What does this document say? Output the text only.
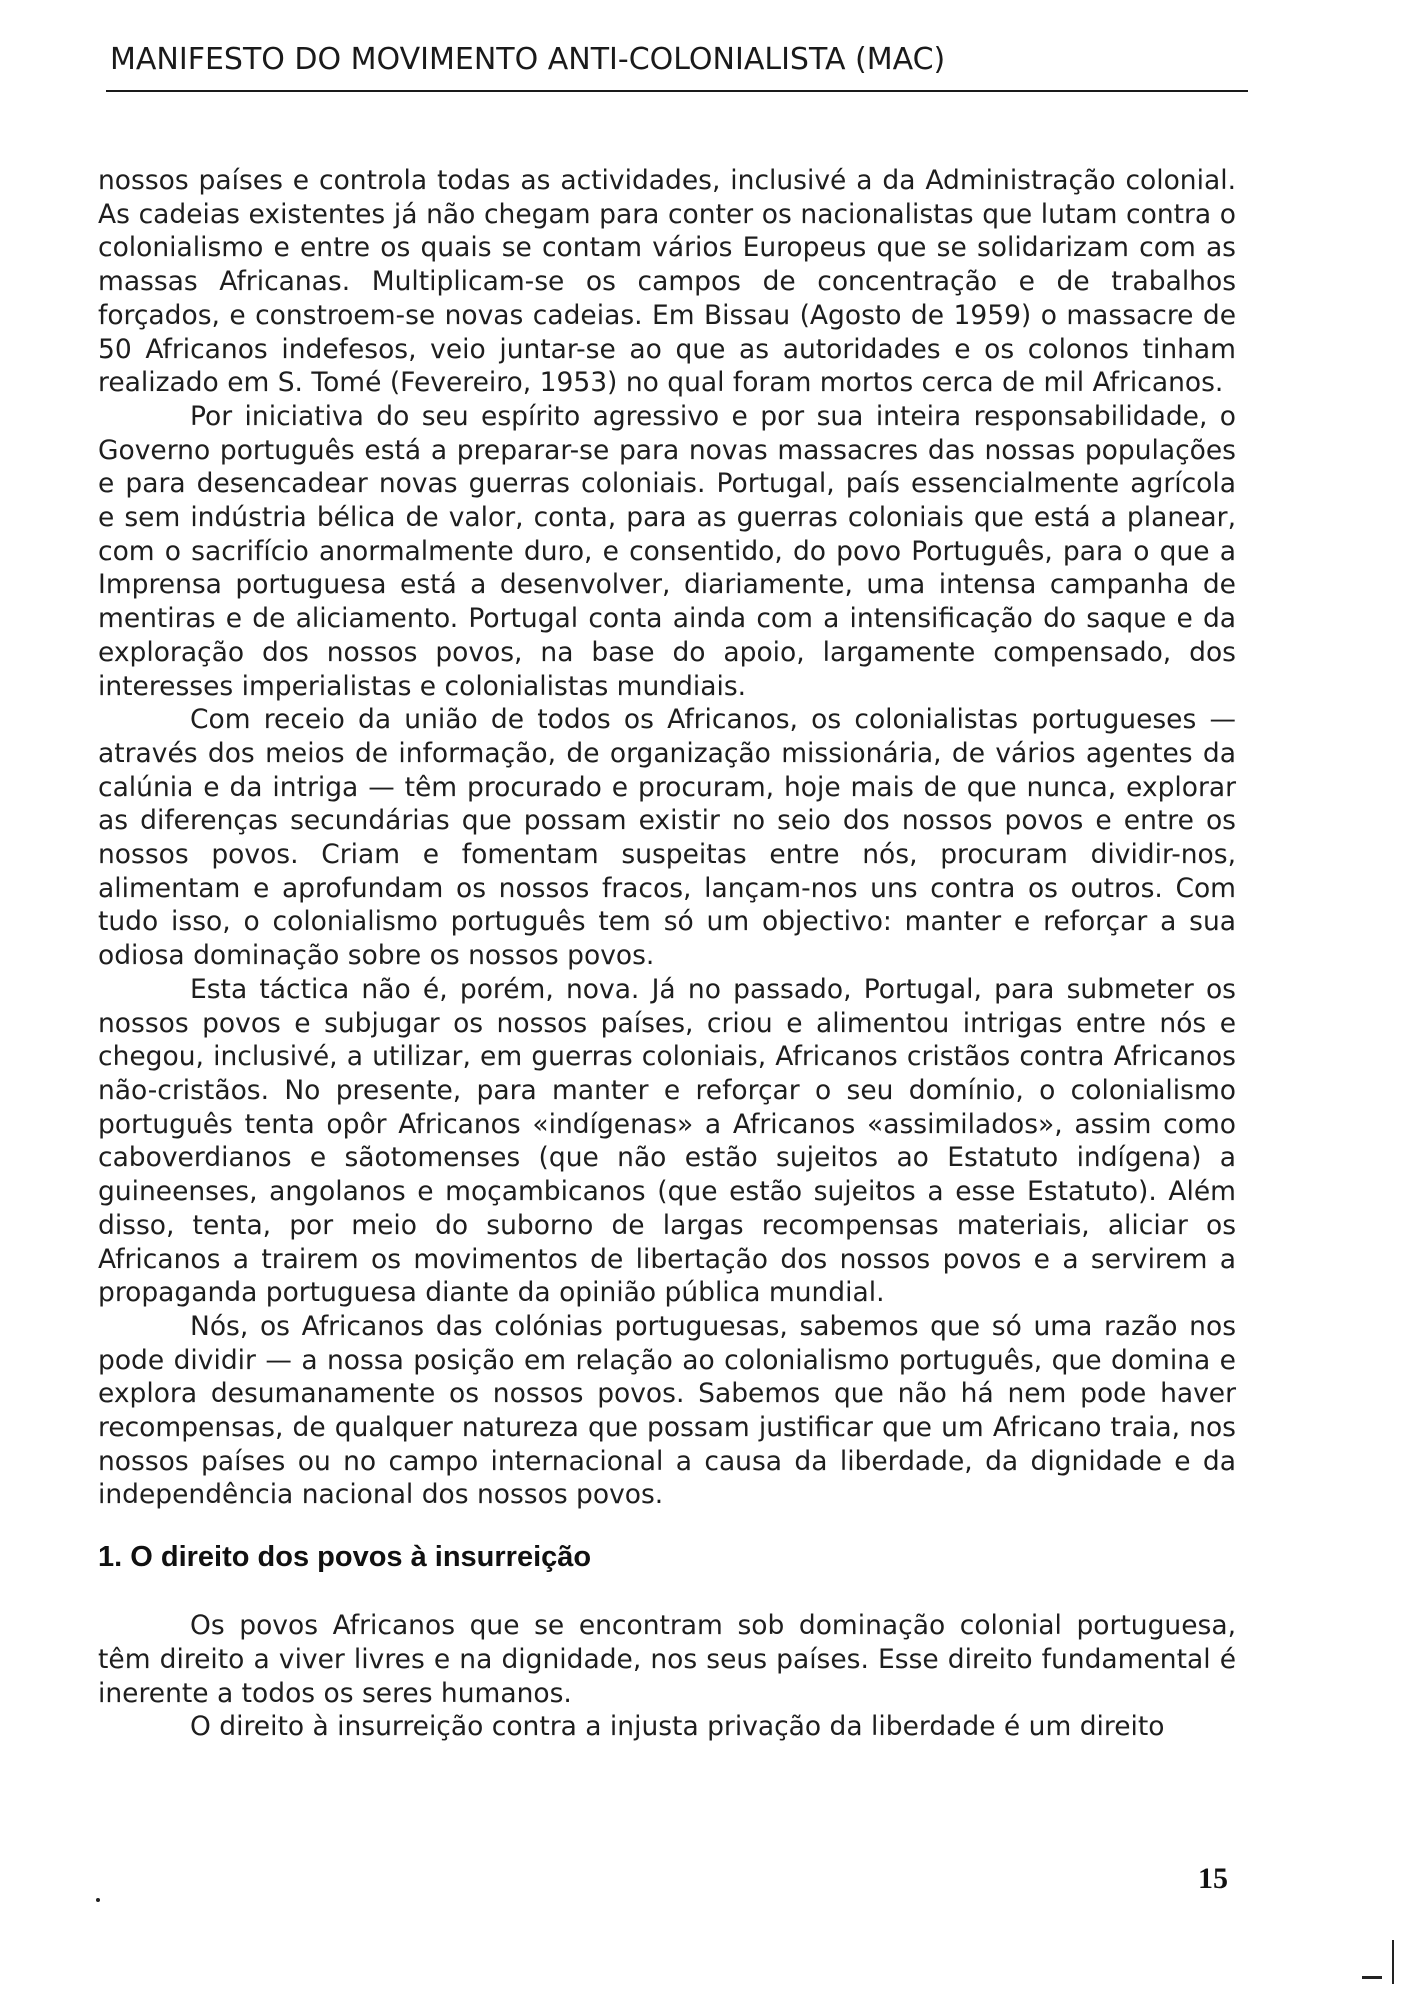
MANIFESTO DO MOVIMENTO ANTI-COLONIALISTA (MAC)

nossos países e controla todas as actividades, inclusivé a da Administração colonial. As cadeias existentes já não chegam para conter os nacionalistas que lutam contra o colonialismo e entre os quais se contam vários Europeus que se solidarizam com as massas Africanas. Multiplicam-se os campos de concentração e de trabalhos forçados, e constroem-se novas cadeias. Em Bissau (Agosto de 1959) o massacre de 50 Africanos indefesos, veio juntar-se ao que as autoridades e os colonos tinham realizado em S. Tomé (Fevereiro, 1953) no qual foram mortos cerca de mil Africanos.

Por iniciativa do seu espírito agressivo e por sua inteira responsabilidade, o Governo português está a preparar-se para novas massacres das nossas populações e para desencadear novas guerras coloniais. Portugal, país essencialmente agrícola e sem indústria bélica de valor, conta, para as guerras coloniais que está a planear, com o sacrifício anormalmente duro, e consentido, do povo Português, para o que a Imprensa portuguesa está a desenvolver, diariamente, uma intensa campanha de mentiras e de aliciamento. Portugal conta ainda com a intensificação do saque e da exploração dos nossos povos, na base do apoio, largamente compensado, dos interesses imperialistas e colonialistas mundiais.

Com receio da união de todos os Africanos, os colonialistas portugueses — através dos meios de informação, de organização missionária, de vários agentes da calúnia e da intriga — têm procurado e procuram, hoje mais de que nunca, explorar as diferenças secundárias que possam existir no seio dos nossos povos e entre os nossos povos. Criam e fomentam suspeitas entre nós, procuram dividir-nos, alimentam e aprofundam os nossos fracos, lançam-nos uns contra os outros. Com tudo isso, o colonialismo português tem só um objectivo: manter e reforçar a sua odiosa dominação sobre os nossos povos.

Esta táctica não é, porém, nova. Já no passado, Portugal, para submeter os nossos povos e subjugar os nossos países, criou e alimentou intrigas entre nós e chegou, inclusivé, a utilizar, em guerras coloniais, Africanos cristãos contra Africanos não-cristãos. No presente, para manter e reforçar o seu domínio, o colonialismo português tenta opôr Africanos «indígenas» a Africanos «assimilados», assim como caboverdianos e sãotomenses (que não estão sujeitos ao Estatuto indígena) a guineenses, angolanos e moçambicanos (que estão sujeitos a esse Estatuto). Além disso, tenta, por meio do suborno de largas recompensas materiais, aliciar os Africanos a trairem os movimentos de libertação dos nossos povos e a servirem a propaganda portuguesa diante da opinião pública mundial.

Nós, os Africanos das colónias portuguesas, sabemos que só uma razão nos pode dividir — a nossa posição em relação ao colonialismo português, que domina e explora desumanamente os nossos povos. Sabemos que não há nem pode haver recompensas, de qualquer natureza que possam justificar que um Africano traia, nos nossos países ou no campo internacional a causa da liberdade, da dignidade e da independência nacional dos nossos povos.

1. O direito dos povos à insurreição

Os povos Africanos que se encontram sob dominação colonial portuguesa, têm direito a viver livres e na dignidade, nos seus países. Esse direito fundamental é inerente a todos os seres humanos.

O direito à insurreição contra a injusta privação da liberdade é um direito

15
